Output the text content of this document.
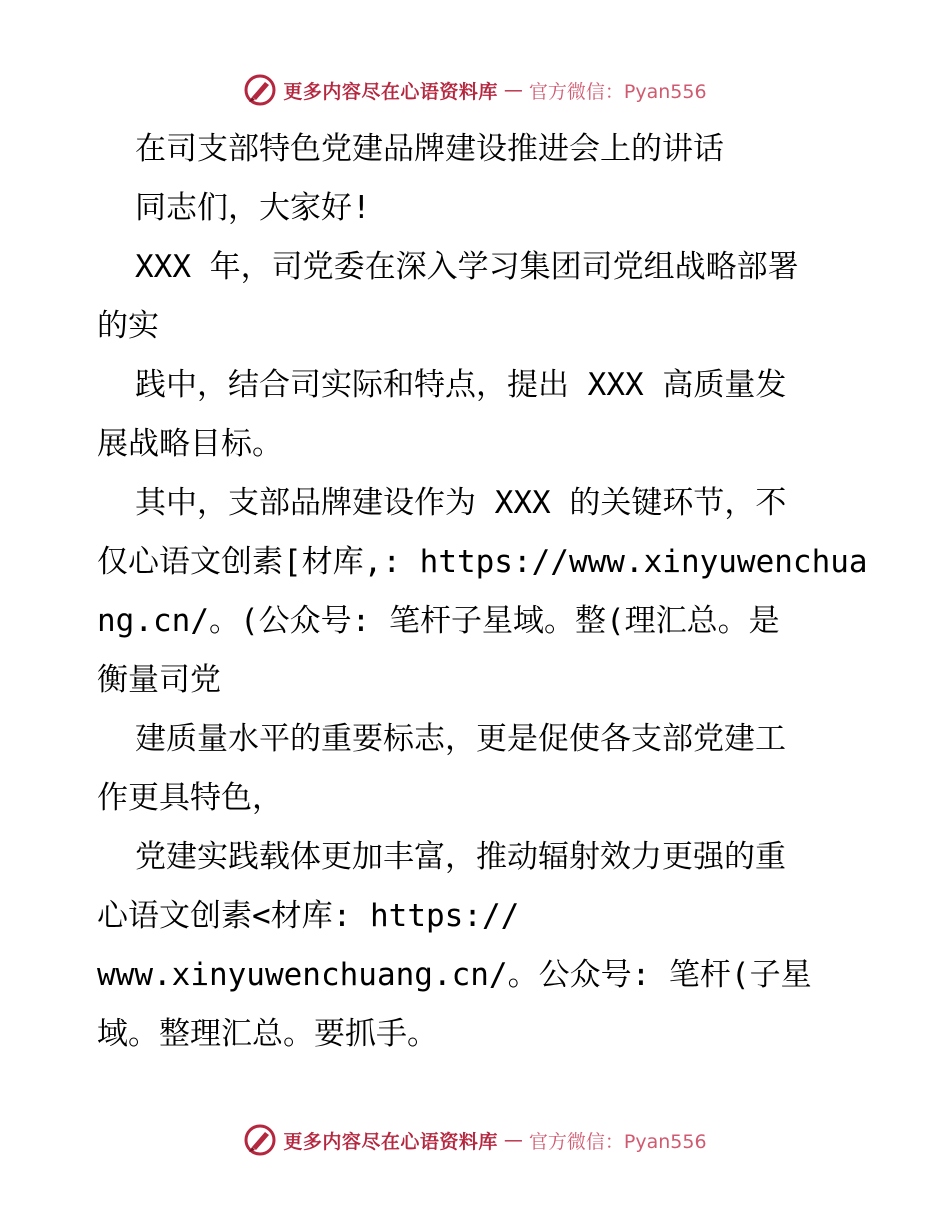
更多内容尽在心语资料库 — 官方微信：Pyan556
在司支部特色党建品牌建设推进会上的讲话
同志们，大家好!
XXX 年，司党委在深入学习集团司党组战略部署
的实
践中，结合司实际和特点，提出 XXX 高质量发
展战略目标。
其中，支部品牌建设作为 XXX 的关键环节，不
仅心语文创素[材库,: https://www.xinyuwenchua
ng.cn/。(公众号: 笔杆子星域。整(理汇总。是
衡量司党
建质量水平的重要标志，更是促使各支部党建工
作更具特色，
党建实践载体更加丰富，推动辐射效力更强的重
心语文创素<材库: https://
www.xinyuwenchuang.cn/。公众号: 笔杆(子星
域。整理汇总。要抓手。
更多内容尽在心语资料库 — 官方微信：Pyan556
